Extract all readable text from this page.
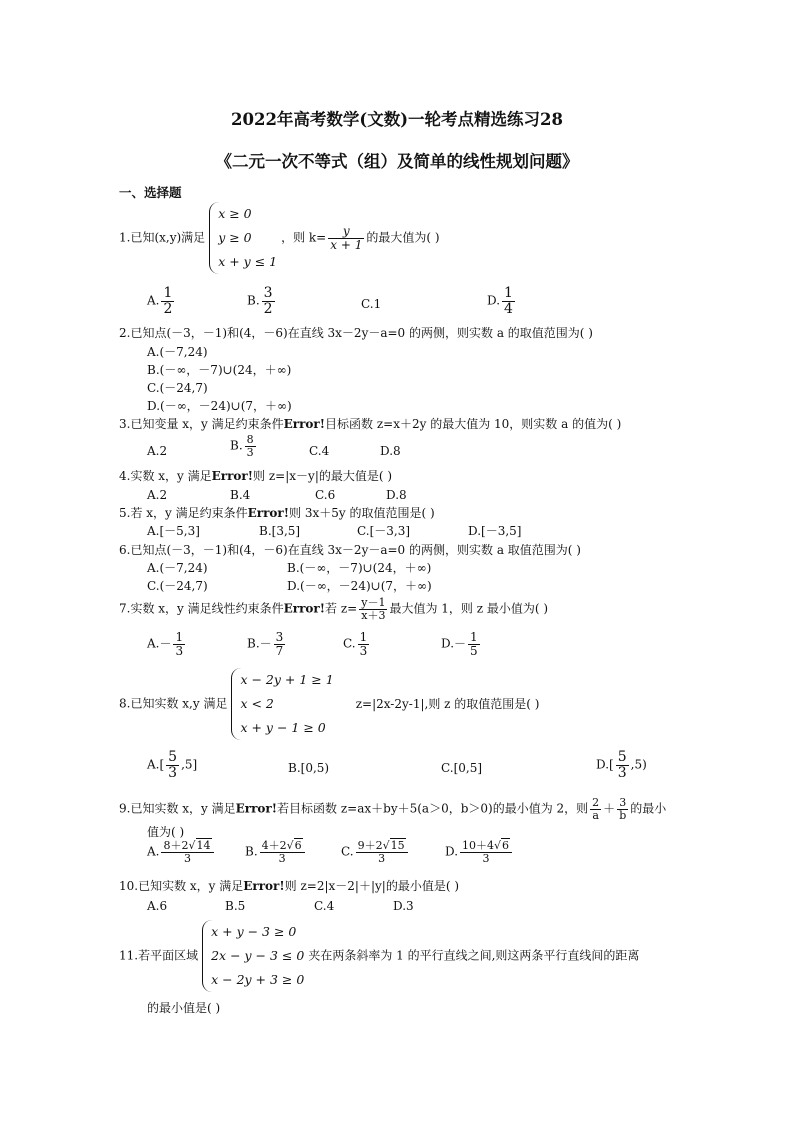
2022年高考数学(文数)一轮考点精选练习28
《二元一次不等式（组）及简单的线性规划问题》
一、选择题
1.已知(x,y)满足
x ≥ 0
y ≥ 0
x + y ≤ 1
，则 $k= \frac{y}{x + 1}$ 的最大值为( )
A. $\frac{1}{2}$	B. $\frac{3}{2}$	C.1	D. $\frac{1}{4}$
2.已知点(－3，－1)和(4，－6)在直线 3x－2y－a=0 的两侧，则实数 a 的取值范围为( )
A.(－7,24)
B.(－∞，－7)∪(24，＋∞)
C.(－24,7)
D.(－∞，－24)∪(7，＋∞)
3.已知变量 x，y 满足约束条件Error!目标函数 z=x＋2y 的最大值为 10，则实数 a 的值为( )
A.2	B. $\frac{8}{3}$	C.4	D.8
4.实数 x，y 满足Error!则 z=|x－y|的最大值是( )
A.2	B.4	C.6	D.8
5.若 x，y 满足约束条件Error!则 3x＋5y 的取值范围是( )
A.[－5,3]	B.[3,5]	C.[－3,3]	D.[－3,5]
6.已知点(－3，－1)和(4，－6)在直线 3x－2y－a=0 的两侧，则实数 a 取值范围为( )
A.(－7,24)	B.(－∞，－7)∪(24，＋∞)
C.(－24,7)	D.(－∞，－24)∪(7，＋∞)
7.实数 x，y 满足线性约束条件Error!若 $z= \frac{y-1}{x+3}$ 最大值为 1，则 z 最小值为( )
$A.- \frac{1}{3}$	$B.- \frac{3}{7}$	C. $\frac{1}{3}$	$D.- \frac{1}{5}$
8.已知实数 x,y 满足
x − 2y + 1 ≥ 1
x < 2
x + y − 1 ≥ 0
z=|2x-2y-1|,则 z 的取值范围是( )
$A.[ \frac{5}{3} ,5]$	B.[0,5)	C.[0,5]	$D.[ \frac{5}{3} ,5)$
9.已知实数 x，y 满足Error!若目标函数 z=ax＋by＋5(a＞0，b＞0)的最小值为 2，则 $\frac{2}{a} + \frac{3}{b}$ 的最小
值为( )
A. $\frac{8+2√14}{3}$	B. $\frac{4+2√6}{3}$	C. $\frac{9+2√15}{3}$	D. $\frac{10+4√6}{3}$
10.已知实数 x，y 满足Error!则 z=2|x－2|＋|y|的最小值是( )
A.6	B.5	C.4	D.3
11.若平面区域
x + y − 3 ≥ 0
2x − y − 3 ≤ 0
x − 2y + 3 ≥ 0
夹在两条斜率为 1 的平行直线之间,则这两条平行直线间的距离
的最小值是( )
